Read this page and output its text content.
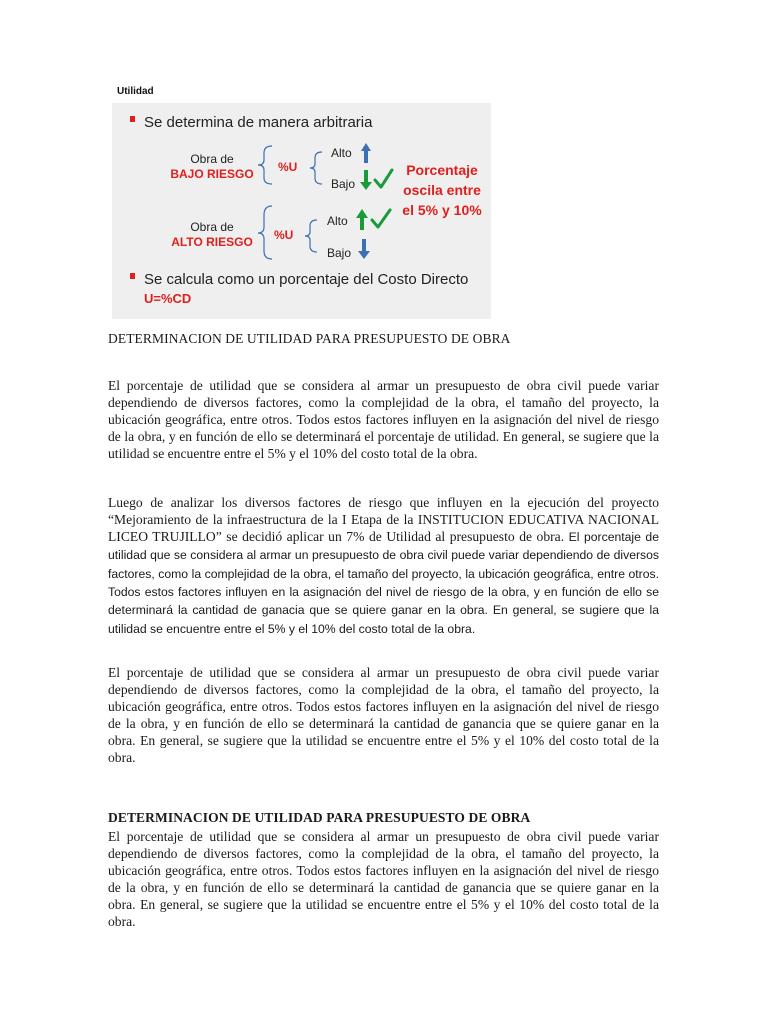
Utilidad
Se determina de manera arbitraria
Obra de
BAJO RIESGO	%U
Alto
Bajo
Obra de
ALTO RIESGO	%U
Alto
Bajo
Porcentaje oscila entre el 5% y 10%
Se calcula como un porcentaje del Costo Directo
U=%CD
DETERMINACION DE UTILIDAD PARA PRESUPUESTO DE OBRA

El porcentaje de utilidad que se considera al armar un presupuesto de obra civil puede variar dependiendo de diversos factores, como la complejidad de la obra, el tamaño del proyecto, la ubicación geográfica, entre otros. Todos estos factores influyen en la asignación del nivel de riesgo de la obra, y en función de ello se determinará el porcentaje de utilidad. En general, se sugiere que la utilidad se encuentre entre el 5% y el 10% del costo total de la obra.

Luego de analizar los diversos factores de riesgo que influyen en la ejecución del proyecto “Mejoramiento de la infraestructura de la I Etapa de la INSTITUCION EDUCATIVA NACIONAL LICEO TRUJILLO” se decidió aplicar un 7% de Utilidad al presupuesto de obra. El porcentaje de utilidad que se considera al armar un presupuesto de obra civil puede variar dependiendo de diversos factores, como la complejidad de la obra, el tamaño del proyecto, la ubicación geográfica, entre otros. Todos estos factores influyen en la asignación del nivel de riesgo de la obra, y en función de ello se determinará la cantidad de ganacia que se quiere ganar en la obra. En general, se sugiere que la utilidad se encuentre entre el 5% y el 10% del costo total de la obra.

El porcentaje de utilidad que se considera al armar un presupuesto de obra civil puede variar dependiendo de diversos factores, como la complejidad de la obra, el tamaño del proyecto, la ubicación geográfica, entre otros. Todos estos factores influyen en la asignación del nivel de riesgo de la obra, y en función de ello se determinará la cantidad de ganancia que se quiere ganar en la obra. En general, se sugiere que la utilidad se encuentre entre el 5% y el 10% del costo total de la obra.

DETERMINACION DE UTILIDAD PARA PRESUPUESTO DE OBRA

El porcentaje de utilidad que se considera al armar un presupuesto de obra civil puede variar dependiendo de diversos factores, como la complejidad de la obra, el tamaño del proyecto, la ubicación geográfica, entre otros. Todos estos factores influyen en la asignación del nivel de riesgo de la obra, y en función de ello se determinará la cantidad de ganancia que se quiere ganar en la obra. En general, se sugiere que la utilidad se encuentre entre el 5% y el 10% del costo total de la obra.
